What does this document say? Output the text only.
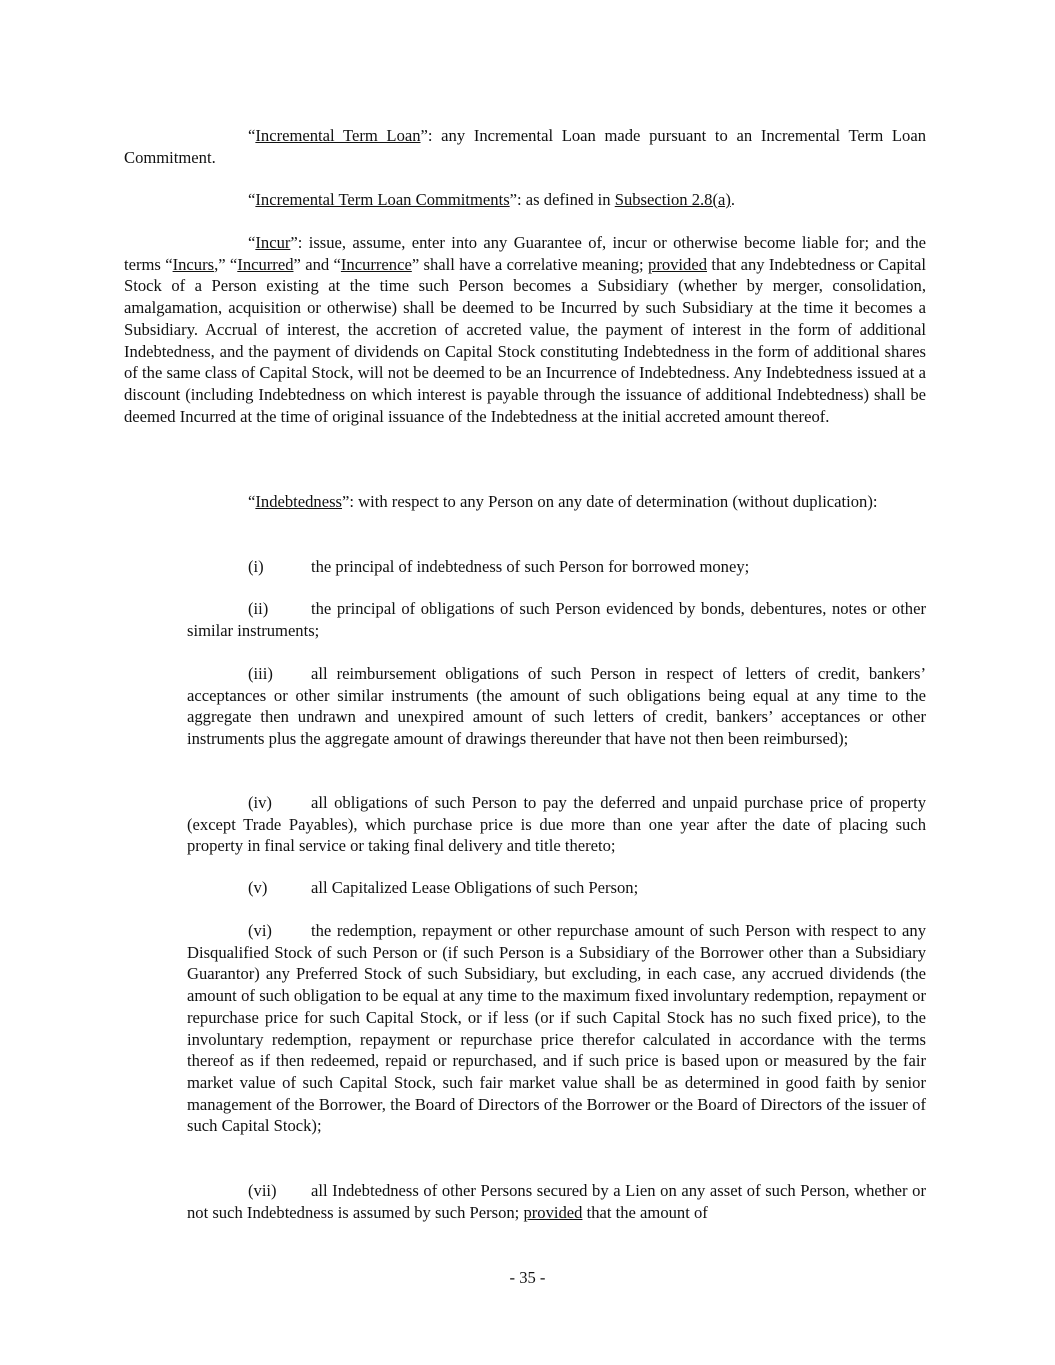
“Incremental Term Loan”: any Incremental Loan made pursuant to an Incremental Term Loan Commitment.

“Incremental Term Loan Commitments”: as defined in Subsection 2.8(a).

“Incur”: issue, assume, enter into any Guarantee of, incur or otherwise become liable for; and the terms “Incurs,” “Incurred” and “Incurrence” shall have a correlative meaning; provided that any Indebtedness or Capital Stock of a Person existing at the time such Person becomes a Subsidiary (whether by merger, consolidation, amalgamation, acquisition or otherwise) shall be deemed to be Incurred by such Subsidiary at the time it becomes a Subsidiary. Accrual of interest, the accretion of accreted value, the payment of interest in the form of additional Indebtedness, and the payment of dividends on Capital Stock constituting Indebtedness in the form of additional shares of the same class of Capital Stock, will not be deemed to be an Incurrence of Indebtedness. Any Indebtedness issued at a discount (including Indebtedness on which interest is payable through the issuance of additional Indebtedness) shall be deemed Incurred at the time of original issuance of the Indebtedness at the initial accreted amount thereof.

“Indebtedness”: with respect to any Person on any date of determination (without duplication):

(i)	the principal of indebtedness of such Person for borrowed money;

(ii)	the principal of obligations of such Person evidenced by bonds, debentures, notes or other similar instruments;

(iii) all reimbursement obligations of such Person in respect of letters of credit, bankers’ acceptances or other similar instruments (the amount of such obligations being equal at any time to the aggregate then undrawn and unexpired amount of such letters of credit, bankers’ acceptances or other instruments plus the aggregate amount of drawings thereunder that have not then been reimbursed);

(iv) all obligations of such Person to pay the deferred and unpaid purchase price of property (except Trade Payables), which purchase price is due more than one year after the date of placing such property in final service or taking final delivery and title thereto;

(v)	all Capitalized Lease Obligations of such Person;

(vi) the redemption, repayment or other repurchase amount of such Person with respect to any Disqualified Stock of such Person or (if such Person is a Subsidiary of the Borrower other than a Subsidiary Guarantor) any Preferred Stock of such Subsidiary, but excluding, in each case, any accrued dividends (the amount of such obligation to be equal at any time to the maximum fixed involuntary redemption, repayment or repurchase price for such Capital Stock, or if less (or if such Capital Stock has no such fixed price), to the involuntary redemption, repayment or repurchase price therefor calculated in accordance with the terms thereof as if then redeemed, repaid or repurchased, and if such price is based upon or measured by the fair market value of such Capital Stock, such fair market value shall be as determined in good faith by senior management of the Borrower, the Board of Directors of the Borrower or the Board of Directors of the issuer of such Capital Stock);

(vii) all Indebtedness of other Persons secured by a Lien on any asset of such Person, whether or not such Indebtedness is assumed by such Person; provided that the amount of

- 35 -
